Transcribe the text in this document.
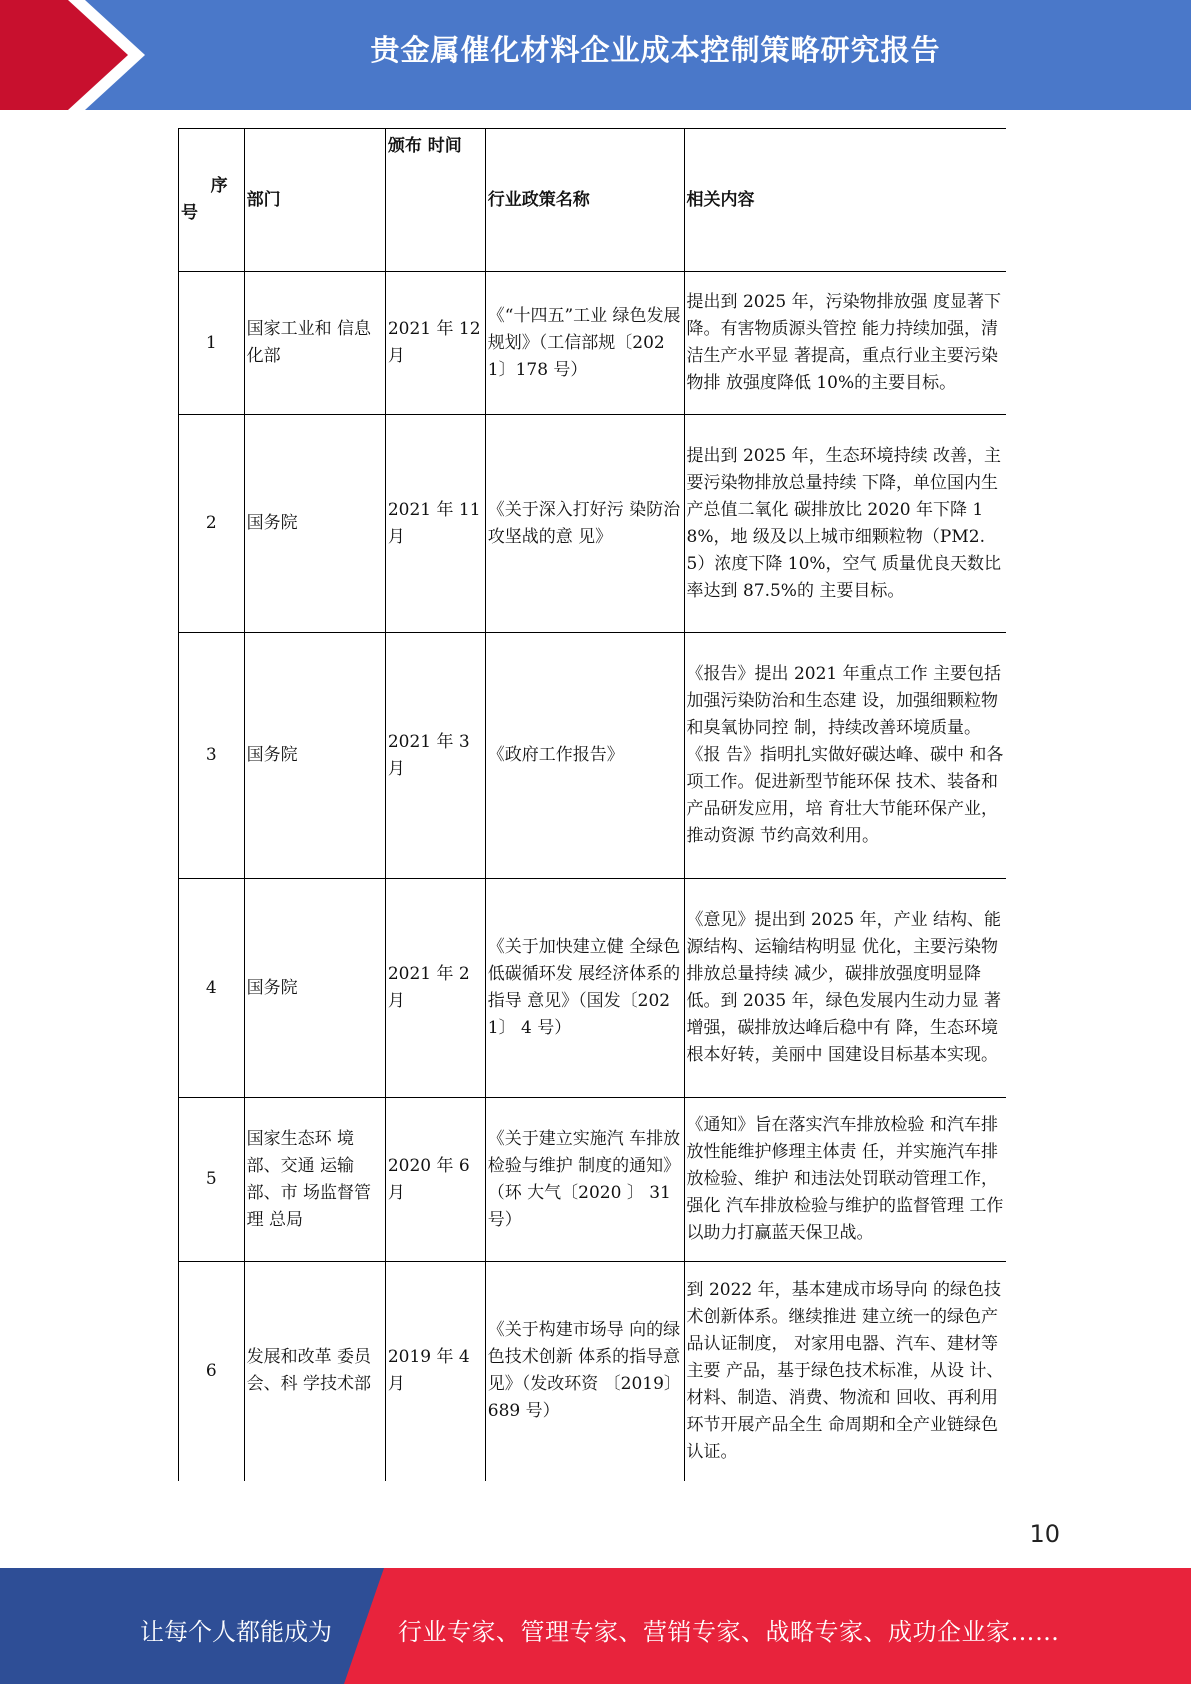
贵金属催化材料企业成本控制策略研究报告
序
号	部门	颁布 时间	行业政策名称	相关内容
1	国家工业和 信息化部	2021 年 12 月	《“十四五”工业 绿色发展规划》（工信部规〔2021〕178 号）	提出到 2025 年，污染物排放强 度显著下降。有害物质源头管控 能力持续加强，清洁生产水平显 著提高，重点行业主要污染物排 放强度降低 10%的主要目标。
2	国务院	2021 年 11 月	《关于深入打好污 染防治攻坚战的意 见》	提出到 2025 年，生态环境持续 改善，主要污染物排放总量持续 下降，单位国内生产总值二氧化 碳排放比 2020 年下降 18%，地 级及以上城市细颗粒物（PM2.5）浓度下降 10%，空气 质量优良天数比率达到 87.5%的 主要目标。
3	国务院	2021 年 3 月	《政府工作报告》	《报告》提出 2021 年重点工作 主要包括加强污染防治和生态建 设，加强细颗粒物和臭氧协同控 制，持续改善环境质量。《报 告》指明扎实做好碳达峰、碳中 和各项工作。促进新型节能环保 技术、装备和产品研发应用，培 育壮大节能环保产业，推动资源 节约高效利用。
4	国务院	2021 年 2 月	《关于加快建立健 全绿色低碳循环发 展经济体系的指导 意见》（国发〔2021〕 4 号）	《意见》提出到 2025 年，产业 结构、能源结构、运输结构明显 优化，主要污染物排放总量持续 减少，碳排放强度明显降低。到 2035 年，绿色发展内生动力显 著增强，碳排放达峰后稳中有 降，生态环境根本好转，美丽中 国建设目标基本实现。
5	国家生态环 境部、交通 运输部、市 场监督管理 总局	2020 年 6 月	《关于建立实施汽 车排放检验与维护 制度的通知》（环 大气〔2020 〕 31 号）	《通知》旨在落实汽车排放检验 和汽车排放性能维护修理主体责 任，并实施汽车排放检验、维护 和违法处罚联动管理工作，强化 汽车排放检验与维护的监督管理 工作以助力打赢蓝天保卫战。
6	发展和改革 委员会、科 学技术部	2019 年 4 月	《关于构建市场导 向的绿色技术创新 体系的指导意见》（发改环资 〔2019〕689 号）	到 2022 年，基本建成市场导向 的绿色技术创新体系。继续推进 建立统一的绿色产品认证制度， 对家用电器、汽车、建材等主要 产品，基于绿色技术标准，从设 计、材料、制造、消费、物流和 回收、再利用环节开展产品全生 命周期和全产业链绿色认证。
10
让每个人都能成为	行业专家、管理专家、营销专家、战略专家、成功企业家……
